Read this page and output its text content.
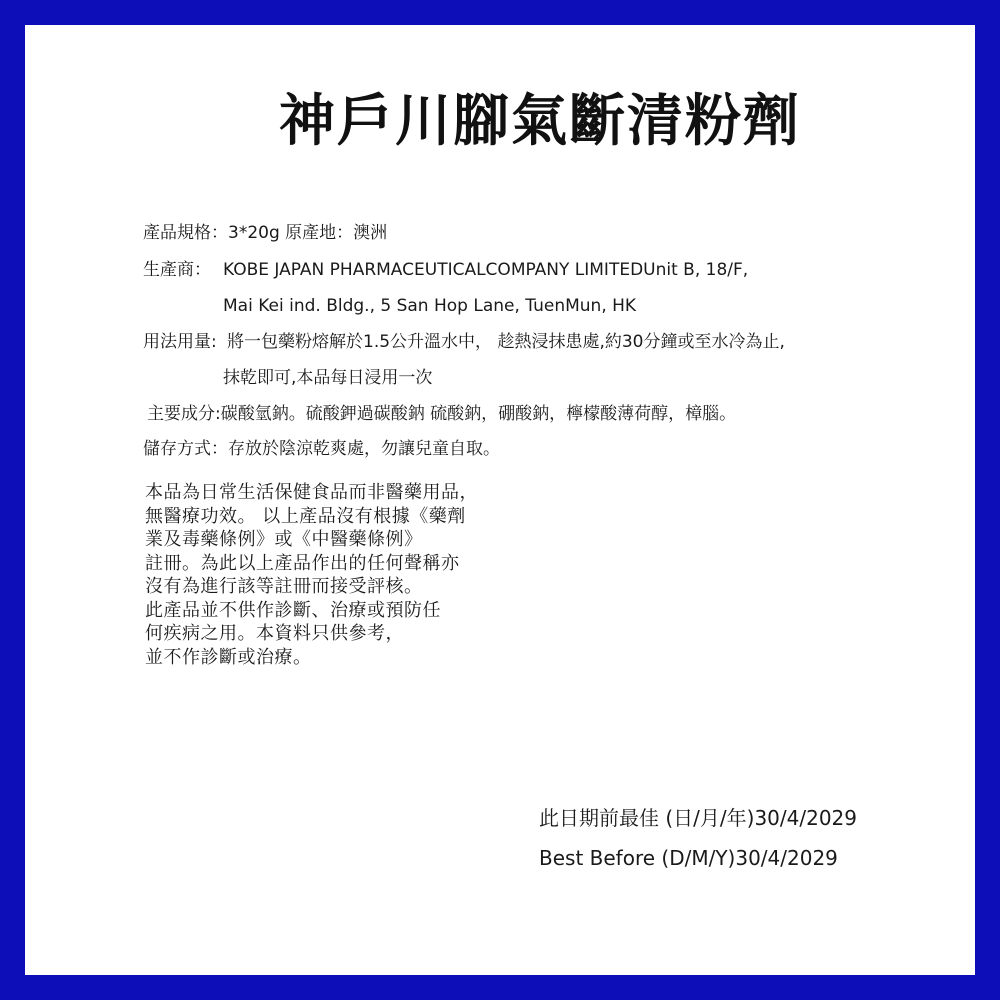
神戶川腳氣斷清粉劑
產品規格：3*20g 原產地：澳洲
生產商： KOBE JAPAN PHARMACEUTICALCOMPANY LIMITEDUnit B, 18/F,
Mai Kei ind. Bldg., 5 San Hop Lane, TuenMun, HK
用法用量: 將一包藥粉熔解於1.5公升溫水中， 趁熱浸抹患處,約30分鐘或至水冷為止,
抹乾即可,本品每日浸用一次
主要成分:碳酸氫鈉。硫酸鉀過碳酸鈉 硫酸鈉，硼酸鈉，檸檬酸薄荷醇，樟腦。
儲存方式：存放於陰涼乾爽處，勿讓兒童自取。
本品為日常生活保健食品而非醫藥用品，
無醫療功效。 以上產品沒有根據《藥劑
業及毒藥條例》或《中醫藥條例》
註冊。為此以上產品作出的任何聲稱亦
沒有為進行該等註冊而接受評核。
此產品並不供作診斷、治療或預防任
何疾病之用。本資料只供參考，
並不作診斷或治療。
此日期前最佳 (日/月/年)30/4/2029
Best Before (D/M/Y)30/4/2029
